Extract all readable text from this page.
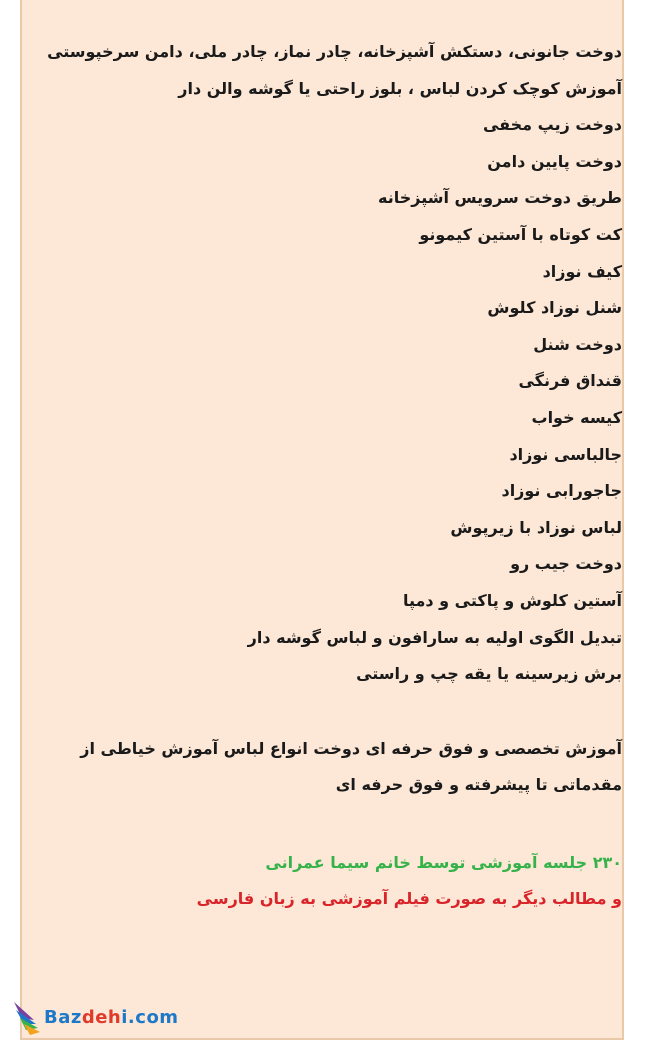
دوخت جانونی، دستکش آشپزخانه، چادر نماز، چادر ملی، دامن سرخپوستی
آموزش کوچک کردن لباس ، بلوز راحتی یا گوشه والن دار
دوخت زیپ مخفی
دوخت پایین دامن
طریق دوخت سرویس آشپزخانه
کت کوتاه با آستین کیمونو
کیف نوزاد
شنل نوزاد کلوش
دوخت شنل
قنداق فرنگی
کیسه خواب
جالباسی نوزاد
جاجورابی نوزاد
لباس نوزاد با زیرپوش
دوخت جیب رو
آستین کلوش و پاکتی و دمپا
تبدیل الگوی اولیه به سارافون و لباس گوشه دار
برش زیرسینه یا یقه چپ و راستی
آموزش تخصصی و فوق حرفه ای دوخت انواع لباس آموزش خیاطی از مقدماتی تا پیشرفته و فوق حرفه ای
۲۳۰ جلسه آموزشی توسط خانم سیما عمرانی
و مطالب دیگر به صورت فیلم آموزشی به زبان فارسی
Bazdehi.com
